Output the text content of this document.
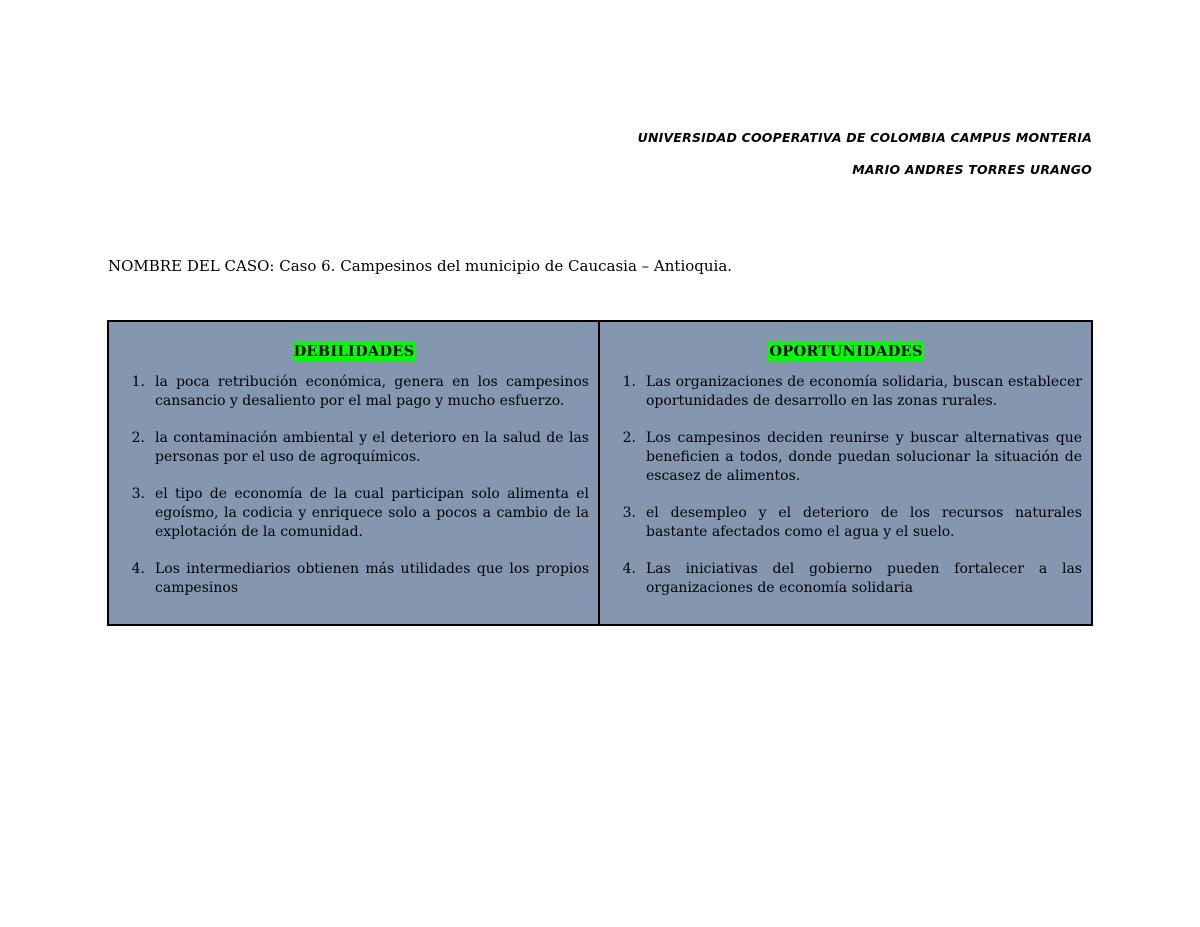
UNIVERSIDAD COOPERATIVA DE COLOMBIA CAMPUS MONTERIA
MARIO ANDRES TORRES URANGO
NOMBRE DEL CASO: Caso 6. Campesinos del municipio de Caucasia – Antioquia.
DEBILIDADES
1. la poca retribución económica, genera en los campesinos cansancio y desaliento por el mal pago y mucho esfuerzo.
2. la contaminación ambiental y el deterioro en la salud de las personas por el uso de agroquímicos.
3. el tipo de economía de la cual participan solo alimenta el egoísmo, la codicia y enriquece solo a pocos a cambio de la explotación de la comunidad.
4. Los intermediarios obtienen más utilidades que los propios campesinos
OPORTUNIDADES
1. Las organizaciones de economía solidaria, buscan establecer oportunidades de desarrollo en las zonas rurales.
2. Los campesinos deciden reunirse y buscar alternativas que beneficien a todos, donde puedan solucionar la situación de escasez de alimentos.
3. el desempleo y el deterioro de los recursos naturales bastante afectados como el agua y el suelo.
4. Las iniciativas del gobierno pueden fortalecer a las organizaciones de economía solidaria
